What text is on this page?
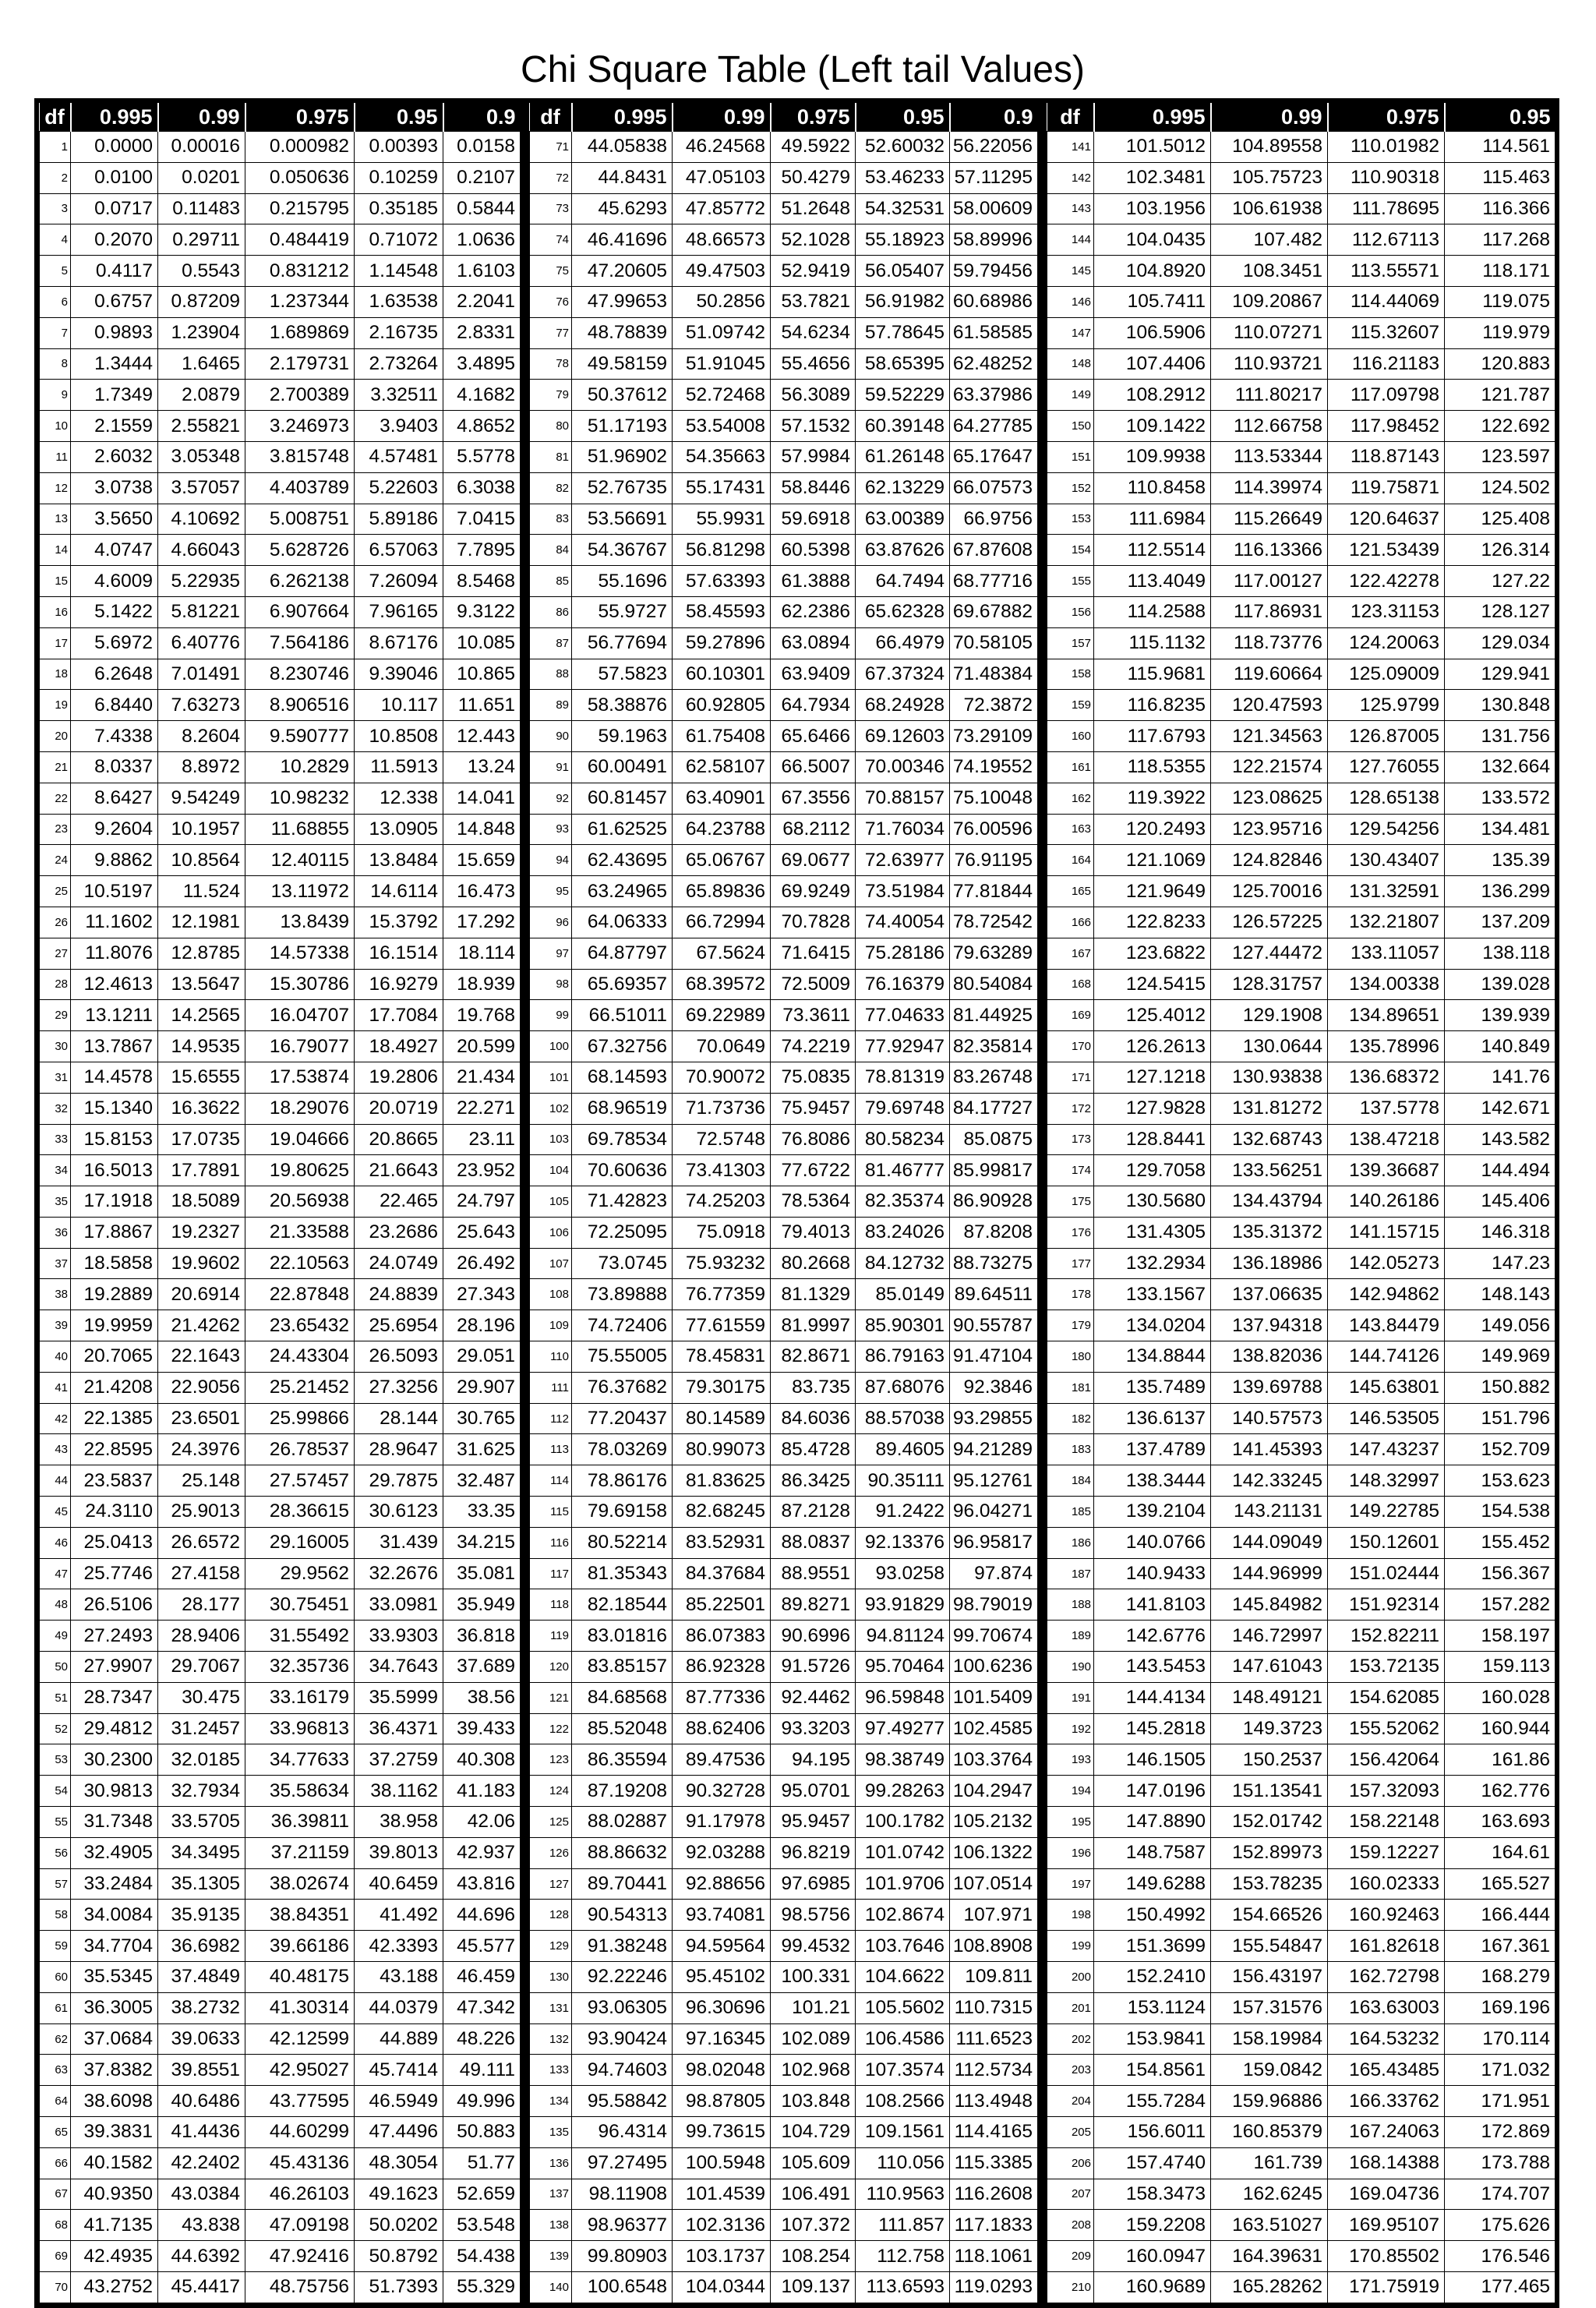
Chi Square Table (Left tail Values)
df	0.995	0.99	0.975	0.95	0.9
1	0.0000	0.00016	0.000982	0.00393	0.0158
2	0.0100	0.0201	0.050636	0.10259	0.2107
3	0.0717	0.11483	0.215795	0.35185	0.5844
4	0.2070	0.29711	0.484419	0.71072	1.0636
5	0.4117	0.5543	0.831212	1.14548	1.6103
6	0.6757	0.87209	1.237344	1.63538	2.2041
7	0.9893	1.23904	1.689869	2.16735	2.8331
8	1.3444	1.6465	2.179731	2.73264	3.4895
9	1.7349	2.0879	2.700389	3.32511	4.1682
10	2.1559	2.55821	3.246973	3.9403	4.8652
11	2.6032	3.05348	3.815748	4.57481	5.5778
12	3.0738	3.57057	4.403789	5.22603	6.3038
13	3.5650	4.10692	5.008751	5.89186	7.0415
14	4.0747	4.66043	5.628726	6.57063	7.7895
15	4.6009	5.22935	6.262138	7.26094	8.5468
16	5.1422	5.81221	6.907664	7.96165	9.3122
17	5.6972	6.40776	7.564186	8.67176	10.085
18	6.2648	7.01491	8.230746	9.39046	10.865
19	6.8440	7.63273	8.906516	10.117	11.651
20	7.4338	8.2604	9.590777	10.8508	12.443
21	8.0337	8.8972	10.2829	11.5913	13.24
22	8.6427	9.54249	10.98232	12.338	14.041
23	9.2604	10.1957	11.68855	13.0905	14.848
24	9.8862	10.8564	12.40115	13.8484	15.659
25	10.5197	11.524	13.11972	14.6114	16.473
26	11.1602	12.1981	13.8439	15.3792	17.292
27	11.8076	12.8785	14.57338	16.1514	18.114
28	12.4613	13.5647	15.30786	16.9279	18.939
29	13.1211	14.2565	16.04707	17.7084	19.768
30	13.7867	14.9535	16.79077	18.4927	20.599
31	14.4578	15.6555	17.53874	19.2806	21.434
32	15.1340	16.3622	18.29076	20.0719	22.271
33	15.8153	17.0735	19.04666	20.8665	23.11
34	16.5013	17.7891	19.80625	21.6643	23.952
35	17.1918	18.5089	20.56938	22.465	24.797
36	17.8867	19.2327	21.33588	23.2686	25.643
37	18.5858	19.9602	22.10563	24.0749	26.492
38	19.2889	20.6914	22.87848	24.8839	27.343
39	19.9959	21.4262	23.65432	25.6954	28.196
40	20.7065	22.1643	24.43304	26.5093	29.051
41	21.4208	22.9056	25.21452	27.3256	29.907
42	22.1385	23.6501	25.99866	28.144	30.765
43	22.8595	24.3976	26.78537	28.9647	31.625
44	23.5837	25.148	27.57457	29.7875	32.487
45	24.3110	25.9013	28.36615	30.6123	33.35
46	25.0413	26.6572	29.16005	31.439	34.215
47	25.7746	27.4158	29.9562	32.2676	35.081
48	26.5106	28.177	30.75451	33.0981	35.949
49	27.2493	28.9406	31.55492	33.9303	36.818
50	27.9907	29.7067	32.35736	34.7643	37.689
51	28.7347	30.475	33.16179	35.5999	38.56
52	29.4812	31.2457	33.96813	36.4371	39.433
53	30.2300	32.0185	34.77633	37.2759	40.308
54	30.9813	32.7934	35.58634	38.1162	41.183
55	31.7348	33.5705	36.39811	38.958	42.06
56	32.4905	34.3495	37.21159	39.8013	42.937
57	33.2484	35.1305	38.02674	40.6459	43.816
58	34.0084	35.9135	38.84351	41.492	44.696
59	34.7704	36.6982	39.66186	42.3393	45.577
60	35.5345	37.4849	40.48175	43.188	46.459
61	36.3005	38.2732	41.30314	44.0379	47.342
62	37.0684	39.0633	42.12599	44.889	48.226
63	37.8382	39.8551	42.95027	45.7414	49.111
64	38.6098	40.6486	43.77595	46.5949	49.996
65	39.3831	41.4436	44.60299	47.4496	50.883
66	40.1582	42.2402	45.43136	48.3054	51.77
67	40.9350	43.0384	46.26103	49.1623	52.659
68	41.7135	43.838	47.09198	50.0202	53.548
69	42.4935	44.6392	47.92416	50.8792	54.438
70	43.2752	45.4417	48.75756	51.7393	55.329
df	0.995	0.99	0.975	0.95	0.9
71	44.05838	46.24568	49.5922	52.60032	56.22056
72	44.8431	47.05103	50.4279	53.46233	57.11295
73	45.6293	47.85772	51.2648	54.32531	58.00609
74	46.41696	48.66573	52.1028	55.18923	58.89996
75	47.20605	49.47503	52.9419	56.05407	59.79456
76	47.99653	50.2856	53.7821	56.91982	60.68986
77	48.78839	51.09742	54.6234	57.78645	61.58585
78	49.58159	51.91045	55.4656	58.65395	62.48252
79	50.37612	52.72468	56.3089	59.52229	63.37986
80	51.17193	53.54008	57.1532	60.39148	64.27785
81	51.96902	54.35663	57.9984	61.26148	65.17647
82	52.76735	55.17431	58.8446	62.13229	66.07573
83	53.56691	55.9931	59.6918	63.00389	66.9756
84	54.36767	56.81298	60.5398	63.87626	67.87608
85	55.1696	57.63393	61.3888	64.7494	68.77716
86	55.9727	58.45593	62.2386	65.62328	69.67882
87	56.77694	59.27896	63.0894	66.4979	70.58105
88	57.5823	60.10301	63.9409	67.37324	71.48384
89	58.38876	60.92805	64.7934	68.24928	72.3872
90	59.1963	61.75408	65.6466	69.12603	73.29109
91	60.00491	62.58107	66.5007	70.00346	74.19552
92	60.81457	63.40901	67.3556	70.88157	75.10048
93	61.62525	64.23788	68.2112	71.76034	76.00596
94	62.43695	65.06767	69.0677	72.63977	76.91195
95	63.24965	65.89836	69.9249	73.51984	77.81844
96	64.06333	66.72994	70.7828	74.40054	78.72542
97	64.87797	67.5624	71.6415	75.28186	79.63289
98	65.69357	68.39572	72.5009	76.16379	80.54084
99	66.51011	69.22989	73.3611	77.04633	81.44925
100	67.32756	70.0649	74.2219	77.92947	82.35814
101	68.14593	70.90072	75.0835	78.81319	83.26748
102	68.96519	71.73736	75.9457	79.69748	84.17727
103	69.78534	72.5748	76.8086	80.58234	85.0875
104	70.60636	73.41303	77.6722	81.46777	85.99817
105	71.42823	74.25203	78.5364	82.35374	86.90928
106	72.25095	75.0918	79.4013	83.24026	87.8208
107	73.0745	75.93232	80.2668	84.12732	88.73275
108	73.89888	76.77359	81.1329	85.0149	89.64511
109	74.72406	77.61559	81.9997	85.90301	90.55787
110	75.55005	78.45831	82.8671	86.79163	91.47104
111	76.37682	79.30175	83.735	87.68076	92.3846
112	77.20437	80.14589	84.6036	88.57038	93.29855
113	78.03269	80.99073	85.4728	89.4605	94.21289
114	78.86176	81.83625	86.3425	90.35111	95.12761
115	79.69158	82.68245	87.2128	91.2422	96.04271
116	80.52214	83.52931	88.0837	92.13376	96.95817
117	81.35343	84.37684	88.9551	93.0258	97.874
118	82.18544	85.22501	89.8271	93.91829	98.79019
119	83.01816	86.07383	90.6996	94.81124	99.70674
120	83.85157	86.92328	91.5726	95.70464	100.6236
121	84.68568	87.77336	92.4462	96.59848	101.5409
122	85.52048	88.62406	93.3203	97.49277	102.4585
123	86.35594	89.47536	94.195	98.38749	103.3764
124	87.19208	90.32728	95.0701	99.28263	104.2947
125	88.02887	91.17978	95.9457	100.1782	105.2132
126	88.86632	92.03288	96.8219	101.0742	106.1322
127	89.70441	92.88656	97.6985	101.9706	107.0514
128	90.54313	93.74081	98.5756	102.8674	107.971
129	91.38248	94.59564	99.4532	103.7646	108.8908
130	92.22246	95.45102	100.331	104.6622	109.811
131	93.06305	96.30696	101.21	105.5602	110.7315
132	93.90424	97.16345	102.089	106.4586	111.6523
133	94.74603	98.02048	102.968	107.3574	112.5734
134	95.58842	98.87805	103.848	108.2566	113.4948
135	96.4314	99.73615	104.729	109.1561	114.4165
136	97.27495	100.5948	105.609	110.056	115.3385
137	98.11908	101.4539	106.491	110.9563	116.2608
138	98.96377	102.3136	107.372	111.857	117.1833
139	99.80903	103.1737	108.254	112.758	118.1061
140	100.6548	104.0344	109.137	113.6593	119.0293
df	0.995	0.99	0.975	0.95
141	101.5012	104.89558	110.01982	114.561
142	102.3481	105.75723	110.90318	115.463
143	103.1956	106.61938	111.78695	116.366
144	104.0435	107.482	112.67113	117.268
145	104.8920	108.3451	113.55571	118.171
146	105.7411	109.20867	114.44069	119.075
147	106.5906	110.07271	115.32607	119.979
148	107.4406	110.93721	116.21183	120.883
149	108.2912	111.80217	117.09798	121.787
150	109.1422	112.66758	117.98452	122.692
151	109.9938	113.53344	118.87143	123.597
152	110.8458	114.39974	119.75871	124.502
153	111.6984	115.26649	120.64637	125.408
154	112.5514	116.13366	121.53439	126.314
155	113.4049	117.00127	122.42278	127.22
156	114.2588	117.86931	123.31153	128.127
157	115.1132	118.73776	124.20063	129.034
158	115.9681	119.60664	125.09009	129.941
159	116.8235	120.47593	125.9799	130.848
160	117.6793	121.34563	126.87005	131.756
161	118.5355	122.21574	127.76055	132.664
162	119.3922	123.08625	128.65138	133.572
163	120.2493	123.95716	129.54256	134.481
164	121.1069	124.82846	130.43407	135.39
165	121.9649	125.70016	131.32591	136.299
166	122.8233	126.57225	132.21807	137.209
167	123.6822	127.44472	133.11057	138.118
168	124.5415	128.31757	134.00338	139.028
169	125.4012	129.1908	134.89651	139.939
170	126.2613	130.0644	135.78996	140.849
171	127.1218	130.93838	136.68372	141.76
172	127.9828	131.81272	137.5778	142.671
173	128.8441	132.68743	138.47218	143.582
174	129.7058	133.56251	139.36687	144.494
175	130.5680	134.43794	140.26186	145.406
176	131.4305	135.31372	141.15715	146.318
177	132.2934	136.18986	142.05273	147.23
178	133.1567	137.06635	142.94862	148.143
179	134.0204	137.94318	143.84479	149.056
180	134.8844	138.82036	144.74126	149.969
181	135.7489	139.69788	145.63801	150.882
182	136.6137	140.57573	146.53505	151.796
183	137.4789	141.45393	147.43237	152.709
184	138.3444	142.33245	148.32997	153.623
185	139.2104	143.21131	149.22785	154.538
186	140.0766	144.09049	150.12601	155.452
187	140.9433	144.96999	151.02444	156.367
188	141.8103	145.84982	151.92314	157.282
189	142.6776	146.72997	152.82211	158.197
190	143.5453	147.61043	153.72135	159.113
191	144.4134	148.49121	154.62085	160.028
192	145.2818	149.3723	155.52062	160.944
193	146.1505	150.2537	156.42064	161.86
194	147.0196	151.13541	157.32093	162.776
195	147.8890	152.01742	158.22148	163.693
196	148.7587	152.89973	159.12227	164.61
197	149.6288	153.78235	160.02333	165.527
198	150.4992	154.66526	160.92463	166.444
199	151.3699	155.54847	161.82618	167.361
200	152.2410	156.43197	162.72798	168.279
201	153.1124	157.31576	163.63003	169.196
202	153.9841	158.19984	164.53232	170.114
203	154.8561	159.0842	165.43485	171.032
204	155.7284	159.96886	166.33762	171.951
205	156.6011	160.85379	167.24063	172.869
206	157.4740	161.739	168.14388	173.788
207	158.3473	162.6245	169.04736	174.707
208	159.2208	163.51027	169.95107	175.626
209	160.0947	164.39631	170.85502	176.546
210	160.9689	165.28262	171.75919	177.465
